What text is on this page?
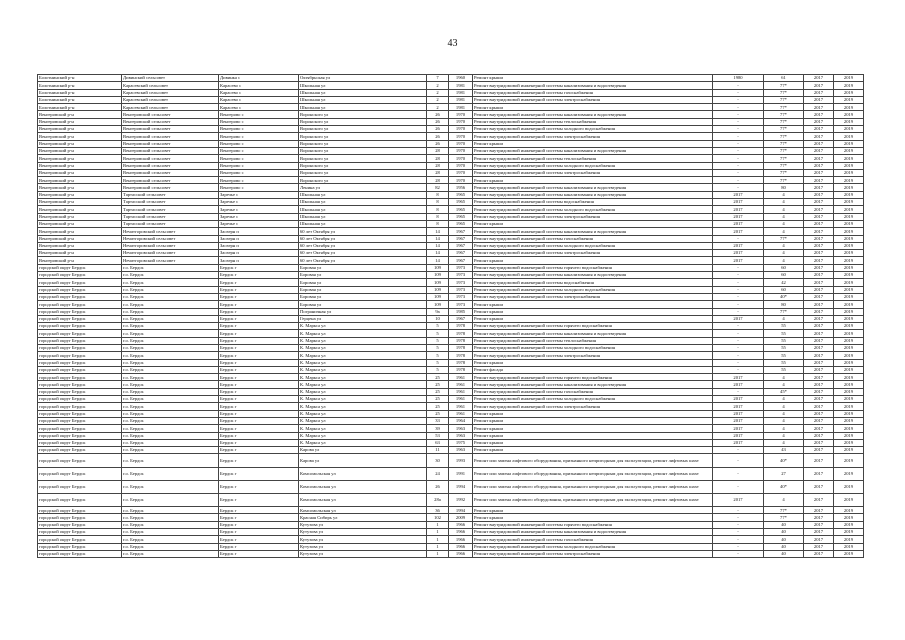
43
Болотнинский р-н	Дивинский сельсовет	Дивинка с	Октябрьская ул	7	1960	Ремонт крыши	1980	61	2017	2019
Болотнинский р-н	Карасевский сельсовет	Карасево с	Школьная ул	2	1981	Ремонт внутридомовой инженерной системы канализования и водоотведения	-	77*	2017	2019
Болотнинский р-н	Карасевский сельсовет	Карасево с	Школьная ул	2	1981	Ремонт внутридомовой инженерной системы газоснабжения	-	77*	2017	2019
Болотнинский р-н	Карасевский сельсовет	Карасево с	Школьная ул	2	1981	Ремонт внутридомовой инженерной системы электроснабжения	-	77*	2017	2019
Болотнинский р-н	Карасевский сельсовет	Карасево с	Школьная ул	2	1981	Ремонт крыши	-	77*	2017	2019
Венгеровский р-н	Венгеровский сельсовет	Венгерово с	Воронского ул	26	1970	Ремонт внутридомовой инженерной системы канализования и водоотведения	-	77*	2017	2019
Венгеровский р-н	Венгеровский сельсовет	Венгерово с	Воронского ул	26	1970	Ремонт внутридомовой инженерной системы теплоснабжения	-	77*	2017	2019
Венгеровский р-н	Венгеровский сельсовет	Венгерово с	Воронского ул	26	1970	Ремонт внутридомовой инженерной системы холодного водоснабжения	-	77*	2017	2019
Венгеровский р-н	Венгеровский сельсовет	Венгерово с	Воронского ул	26	1970	Ремонт внутридомовой инженерной системы электроснабжения	-	77*	2017	2019
Венгеровский р-н	Венгеровский сельсовет	Венгерово с	Воронского ул	26	1970	Ремонт крыши	-	77*	2017	2019
Венгеровский р-н	Венгеровский сельсовет	Венгерово с	Воронского ул	28	1970	Ремонт внутридомовой инженерной системы канализования и водоотведения	-	77*	2017	2019
Венгеровский р-н	Венгеровский сельсовет	Венгерово с	Воронского ул	28	1970	Ремонт внутридомовой инженерной системы теплоснабжения	-	77*	2017	2019
Венгеровский р-н	Венгеровский сельсовет	Венгерово с	Воронского ул	28	1970	Ремонт внутридомовой инженерной системы холодного водоснабжения	-	77*	2017	2019
Венгеровский р-н	Венгеровский сельсовет	Венгерово с	Воронского ул	28	1970	Ремонт внутридомовой инженерной системы электроснабжения	-	77*	2017	2019
Венгеровский р-н	Венгеровский сельсовет	Венгерово с	Воронского ул	28	1970	Ремонт крыши	-	77*	2017	2019
Венгеровский р-н	Венгеровский сельсовет	Венгерово с	Ленина ул	82	1956	Ремонт внутридомовой инженерной системы канализования и водоотведения	-	80	2017	2019
Венгеровский р-н	Тартасский сельсовет	Заречье с	Школьная ул	8	1965	Ремонт внутридомовой инженерной системы канализования и водоотведения	2017	4	2017	2019
Венгеровский р-н	Тартасский сельсовет	Заречье с	Школьная ул	8	1965	Ремонт внутридомовой инженерной системы водоснабжения	2017	4	2017	2019
Венгеровский р-н	Тартасский сельсовет	Заречье с	Школьная ул	8	1965	Ремонт внутридомовой инженерной системы холодного водоснабжения	2017	4	2017	2019
Венгеровский р-н	Тартасский сельсовет	Заречье с	Школьная ул	8	1965	Ремонт внутридомовой инженерной системы электроснабжения	2017	4	2017	2019
Венгеровский р-н	Тартасский сельсовет	Заречье с	Школьная ул	8	1965	Ремонт крыши	2017	4	2017	2019
Венгеровский р-н	Нечитгоровский сельсовет	Заозерн п	60 лет Октября ул	14	1967	Ремонт внутридомовой инженерной системы канализования и водоотведения	2017	4	2017	2019
Венгеровский р-н	Нечитгоровский сельсовет	Заозерн п	60 лет Октября ул	14	1967	Ремонт внутридомовой инженерной системы газоснабжения	-	77*	2017	2019
Венгеровский р-н	Нечитгоровский сельсовет	Заозерн п	60 лет Октября ул	14	1967	Ремонт внутридомовой инженерной системы холодного водоснабжения	2017	4	2017	2019
Венгеровский р-н	Нечитгоровский сельсовет	Заозерн п	60 лет Октября ул	14	1967	Ремонт внутридомовой инженерной системы электроснабжения	2017	4	2017	2019
Венгеровский р-н	Нечитгоровский сельсовет	Заозерн п	60 лет Октября ул	14	1967	Ремонт крыши	2017	4	2017	2019
городской округ Бердск	г.о. Бердск	Бердск г	Боровая ул	109	1973	Ремонт внутридомовой инженерной системы горячего водоснабжения	-	60	2017	2019
городской округ Бердск	г.о. Бердск	Бердск г	Боровая ул	109	1973	Ремонт внутридомовой инженерной системы канализования и водоотведения	-	60	2017	2019
городской округ Бердск	г.о. Бердск	Бердск г	Боровая ул	109	1973	Ремонт внутридомовой инженерной системы водоснабжения	-	42	2017	2019
городской округ Бердск	г.о. Бердск	Бердск г	Боровая ул	109	1973	Ремонт внутридомовой инженерной системы холодного водоснабжения	-	60	2017	2019
городской округ Бердск	г.о. Бердск	Бердск г	Боровая ул	109	1973	Ремонт внутридомовой инженерной системы электроснабжения	-	40*	2017	2019
городской округ Бердск	г.о. Бердск	Бердск г	Боровая ул	109	1973	Ремонт крыши	-	80	2017	2019
городской округ Бердск	г.о. Бердск	Бердск г	Пограничная ул	9a	1985	Ремонт крыши	-	77*	2017	2019
городской округ Бердск	г.о. Бердск	Бердск г	Герцена ул	10	1967	Ремонт крыши	2017	4	2017	2019
городской округ Бердск	г.о. Бердск	Бердск г	К. Маркса ул	5	1978	Ремонт внутридомовой инженерной системы горячего водоснабжения	-	55	2017	2019
городской округ Бердск	г.о. Бердск	Бердск г	К. Маркса ул	5	1978	Ремонт внутридомовой инженерной системы канализования и водоотведения	-	55	2017	2019
городской округ Бердск	г.о. Бердск	Бердск г	К. Маркса ул	5	1978	Ремонт внутридомовой инженерной системы теплоснабжения	-	55	2017	2019
городской округ Бердск	г.о. Бердск	Бердск г	К. Маркса ул	5	1978	Ремонт внутридомовой инженерной системы холодного водоснабжения	-	55	2017	2019
городской округ Бердск	г.о. Бердск	Бердск г	К. Маркса ул	5	1978	Ремонт внутридомовой инженерной системы электроснабжения	-	55	2017	2019
городской округ Бердск	г.о. Бердск	Бердск г	К. Маркса ул	5	1978	Ремонт крыши	-	55	2017	2019
городской округ Бердск	г.о. Бердск	Бердск г	К. Маркса ул	5	1978	Ремонт фасада	-	55	2017	2019
городской округ Бердск	г.о. Бердск	Бердск г	К. Маркса ул	25	1961	Ремонт внутридомовой инженерной системы горячего водоснабжения	2017	4	2017	2019
городской округ Бердск	г.о. Бердск	Бердск г	К. Маркса ул	25	1961	Ремонт внутридомовой инженерной системы канализования и водоотведения	2017	4	2017	2019
городской округ Бердск	г.о. Бердск	Бердск г	К. Маркса ул	25	1961	Ремонт внутридомовой инженерной системы газоснабжения	-	45*	2017	2019
городской округ Бердск	г.о. Бердск	Бердск г	К. Маркса ул	25	1961	Ремонт внутридомовой инженерной системы холодного водоснабжения	2017	4	2017	2019
городской округ Бердск	г.о. Бердск	Бердск г	К. Маркса ул	25	1961	Ремонт внутридомовой инженерной системы электроснабжения	2017	4	2017	2019
городской округ Бердск	г.о. Бердск	Бердск г	К. Маркса ул	25	1961	Ремонт крыши	2017	4	2017	2019
городской округ Бердск	г.о. Бердск	Бердск г	К. Маркса ул	33	1964	Ремонт крыши	2017	4	2017	2019
городской округ Бердск	г.о. Бердск	Бердск г	К. Маркса ул	39	1963	Ремонт крыши	2017	4	2017	2019
городской округ Бердск	г.о. Бердск	Бердск г	К. Маркса ул	53	1963	Ремонт крыши	2017	4	2017	2019
городской округ Бердск	г.о. Бердск	Бердск г	К. Маркса ул	63	1975	Ремонт крыши	2017	4	2017	2019
городской округ Бердск	г.о. Бердск	Бердск г	Карова ул	11	1963	Ремонт крыши	-	43	2017	2019
городской округ Бердск	г.о. Бердск	Бердск г	Карова ул	30	1993	Ремонт или замена лифтового оборудования, признанного непригодным для эксплуатации, ремонт лифтовых шахт	-	40*	2017	2019
городской округ Бердск	г.о. Бердск	Бердск г	Комсомольская ул	24	1991	Ремонт или замена лифтового оборудования, признанного непригодным для эксплуатации, ремонт лифтовых шахт	-	27	2017	2019
городской округ Бердск	г.о. Бердск	Бердск г	Комсомольская ул	26	1994	Ремонт или замена лифтового оборудования, признанного непригодным для эксплуатации, ремонт лифтовых шахт	-	40*	2017	2019
городской округ Бердск	г.о. Бердск	Бердск г	Комсомольская ул	28a	1992	Ремонт или замена лифтового оборудования, признанного непригодным для эксплуатации, ремонт лифтовых шахт	2017	4	2017	2019
городской округ Бердск	г.о. Бердск	Бердск г	Комсомольская ул	36	1994	Ремонт крыши	-	77*	2017	2019
городской округ Бердск	г.о. Бердск	Бердск г	Красная Сибирь ул	102	2009	Ремонт крыши	-	77*	2017	2019
городской округ Бердск	г.о. Бердск	Бердск г	Кутузова ул	1	1966	Ремонт внутридомовой инженерной системы горячего водоснабжения	-	40	2017	2019
городской округ Бердск	г.о. Бердск	Бердск г	Кутузова ул	1	1966	Ремонт внутридомовой инженерной системы канализования и водоотведения	-	40	2017	2019
городской округ Бердск	г.о. Бердск	Бердск г	Кутузова ул	1	1966	Ремонт внутридомовой инженерной системы газоснабжения	-	40	2017	2019
городской округ Бердск	г.о. Бердск	Бердск г	Кутузова ул	1	1966	Ремонт внутридомовой инженерной системы холодного водоснабжения	-	40	2017	2019
городской округ Бердск	г.о. Бердск	Бердск г	Кутузова ул	1	1966	Ремонт внутридомовой инженерной системы электроснабжения	-	40	2017	2019
